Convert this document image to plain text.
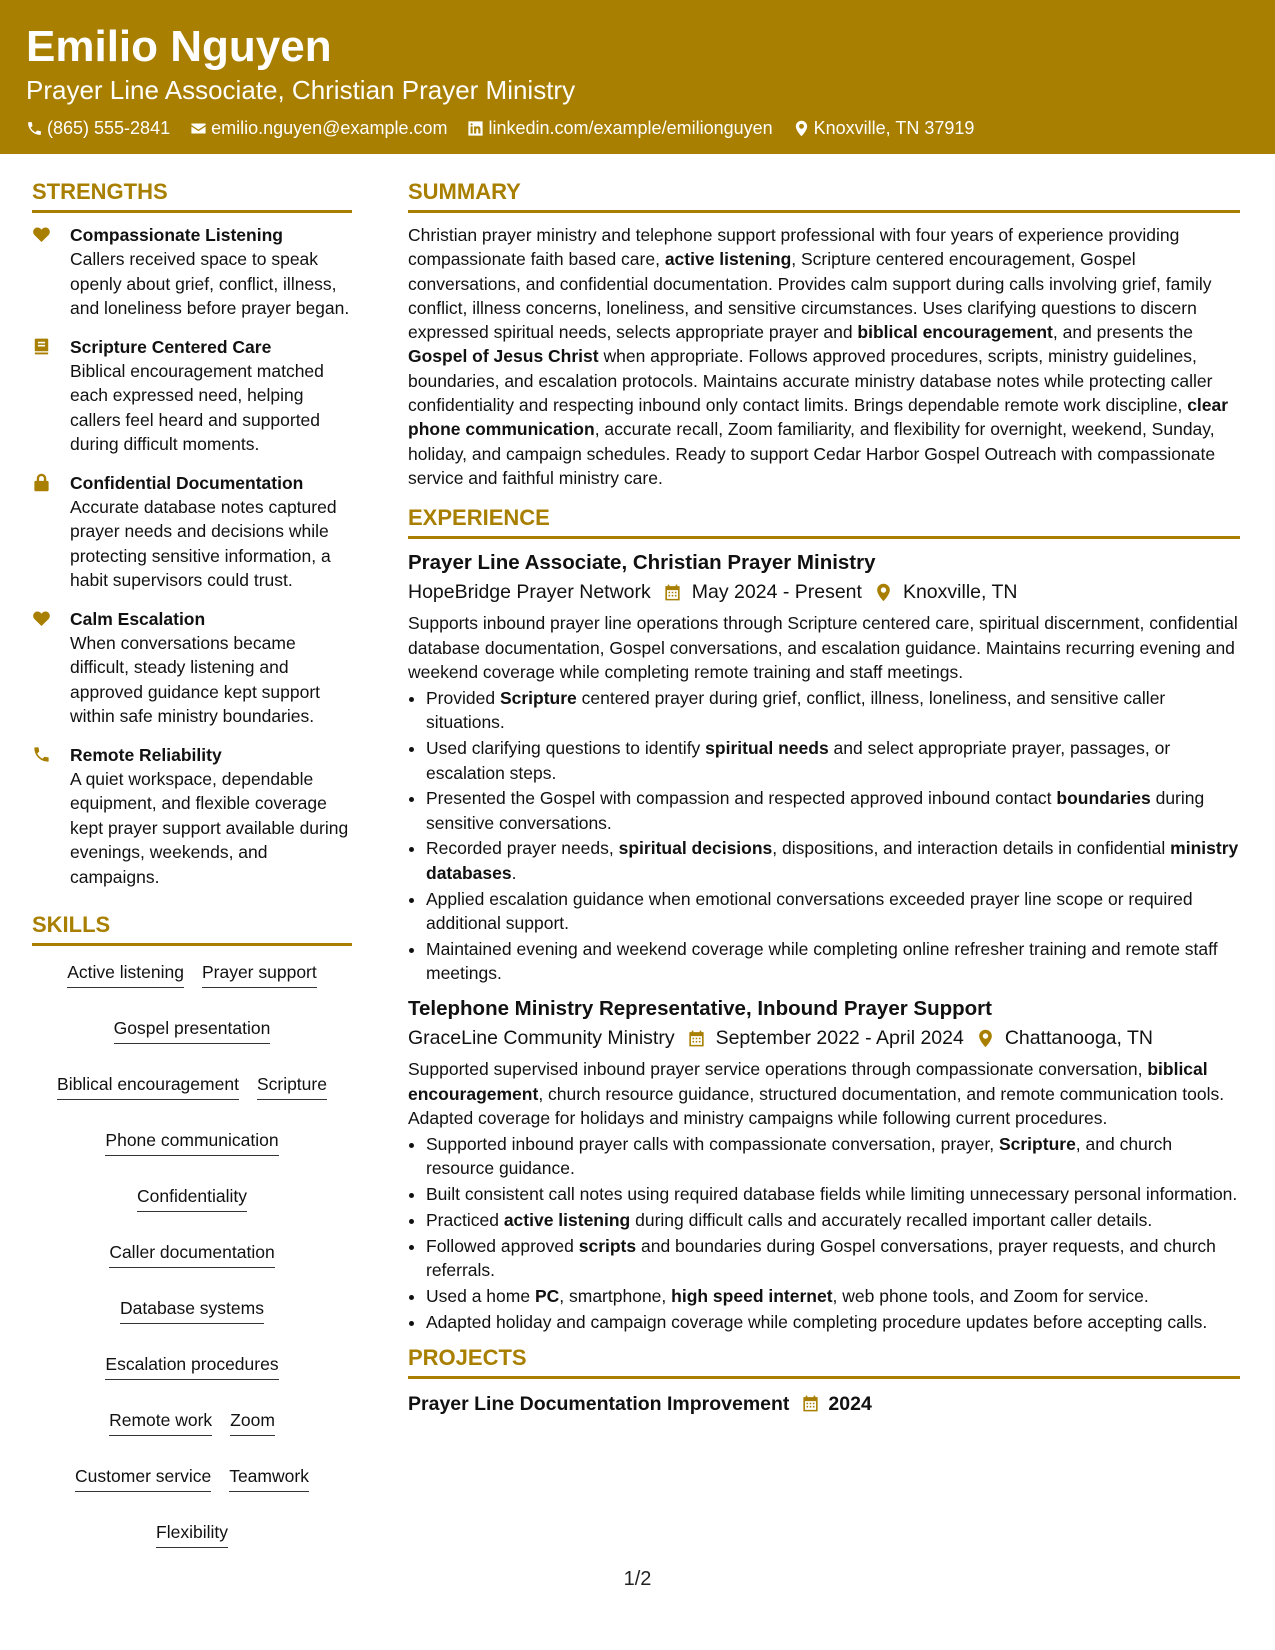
Emilio Nguyen
Prayer Line Associate, Christian Prayer Ministry
(865) 555-2841 emilio.nguyen@example.com linkedin.com/example/emilionguyen Knoxville, TN 37919
STRENGTHS
Compassionate Listening
Callers received space to speak openly about grief, conflict, illness, and loneliness before prayer began.
Scripture Centered Care
Biblical encouragement matched each expressed need, helping callers feel heard and supported during difficult moments.
Confidential Documentation
Accurate database notes captured prayer needs and decisions while protecting sensitive information, a habit supervisors could trust.
Calm Escalation
When conversations became difficult, steady listening and approved guidance kept support within safe ministry boundaries.
Remote Reliability
A quiet workspace, dependable equipment, and flexible coverage kept prayer support available during evenings, weekends, and campaigns.
SKILLS
Active listening Prayer support
Gospel presentation
Biblical encouragement Scripture
Phone communication
Confidentiality
Caller documentation
Database systems
Escalation procedures
Remote work Zoom
Customer service Teamwork
Flexibility
SUMMARY
Christian prayer ministry and telephone support professional with four years of experience providing compassionate faith based care, active listening, Scripture centered encouragement, Gospel conversations, and confidential documentation. Provides calm support during calls involving grief, family conflict, illness concerns, loneliness, and sensitive circumstances. Uses clarifying questions to discern expressed spiritual needs, selects appropriate prayer and biblical encouragement, and presents the Gospel of Jesus Christ when appropriate. Follows approved procedures, scripts, ministry guidelines, boundaries, and escalation protocols. Maintains accurate ministry database notes while protecting caller confidentiality and respecting inbound only contact limits. Brings dependable remote work discipline, clear phone communication, accurate recall, Zoom familiarity, and flexibility for overnight, weekend, Sunday, holiday, and campaign schedules. Ready to support Cedar Harbor Gospel Outreach with compassionate service and faithful ministry care.
EXPERIENCE
Prayer Line Associate, Christian Prayer Ministry
HopeBridge Prayer Network May 2024 - Present Knoxville, TN
Supports inbound prayer line operations through Scripture centered care, spiritual discernment, confidential database documentation, Gospel conversations, and escalation guidance. Maintains recurring evening and weekend coverage while completing remote training and staff meetings.
• Provided Scripture centered prayer during grief, conflict, illness, loneliness, and sensitive caller situations.
• Used clarifying questions to identify spiritual needs and select appropriate prayer, passages, or escalation steps.
• Presented the Gospel with compassion and respected approved inbound contact boundaries during sensitive conversations.
• Recorded prayer needs, spiritual decisions, dispositions, and interaction details in confidential ministry databases.
• Applied escalation guidance when emotional conversations exceeded prayer line scope or required additional support.
• Maintained evening and weekend coverage while completing online refresher training and remote staff meetings.
Telephone Ministry Representative, Inbound Prayer Support
GraceLine Community Ministry September 2022 - April 2024 Chattanooga, TN
Supported supervised inbound prayer service operations through compassionate conversation, biblical encouragement, church resource guidance, structured documentation, and remote communication tools. Adapted coverage for holidays and ministry campaigns while following current procedures.
• Supported inbound prayer calls with compassionate conversation, prayer, Scripture, and church resource guidance.
• Built consistent call notes using required database fields while limiting unnecessary personal information.
• Practiced active listening during difficult calls and accurately recalled important caller details.
• Followed approved scripts and boundaries during Gospel conversations, prayer requests, and church referrals.
• Used a home PC, smartphone, high speed internet, web phone tools, and Zoom for service.
• Adapted holiday and campaign coverage while completing procedure updates before accepting calls.
PROJECTS
Prayer Line Documentation Improvement 2024
1/2
